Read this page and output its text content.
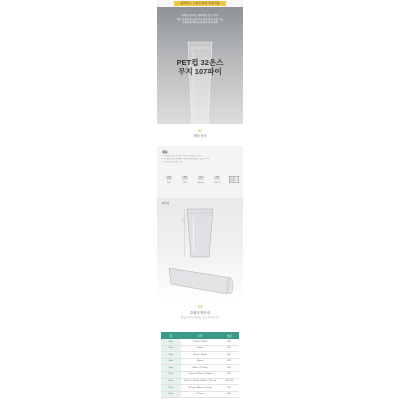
블라인드 스마트하게 정렬가을
다양한 디자인 매력적인 컵 디자인
매장 분위기를 높여주고 편리하게 사용 가능
카페/음료/테이크아웃에 강력 추천
PET컵 32온스
무지 107파이
02
제품정보
제품
• 이 제품 추천 사이즈 용도가 다를 수 있어
• 이 제품 용도에 따라 사용 환경 다를 수 있어 주의
• 이 제품 안전성 안내
용량
32oz
재질
PET
입구
107mm
수량
500개
PET컵
높이
03
호환뚜껑안내
해당 뚜껑과 호환되는 컵을 안내합니다
컵	뚜껑	재질
12oz	107mm / 92mm	PET
14oz	92mm	PET
16oz	95mm / 98mm	PET
20oz	98mm	PET
24oz	98mm / 107mm	PET
32oz	107mm / 107mm / 120mm	PET
32oz	107mm / 92mm / 98mm / 107mm	PET/PS
32oz	107mm / 98mm / 107mm	PET
32oz	107mm	PET
